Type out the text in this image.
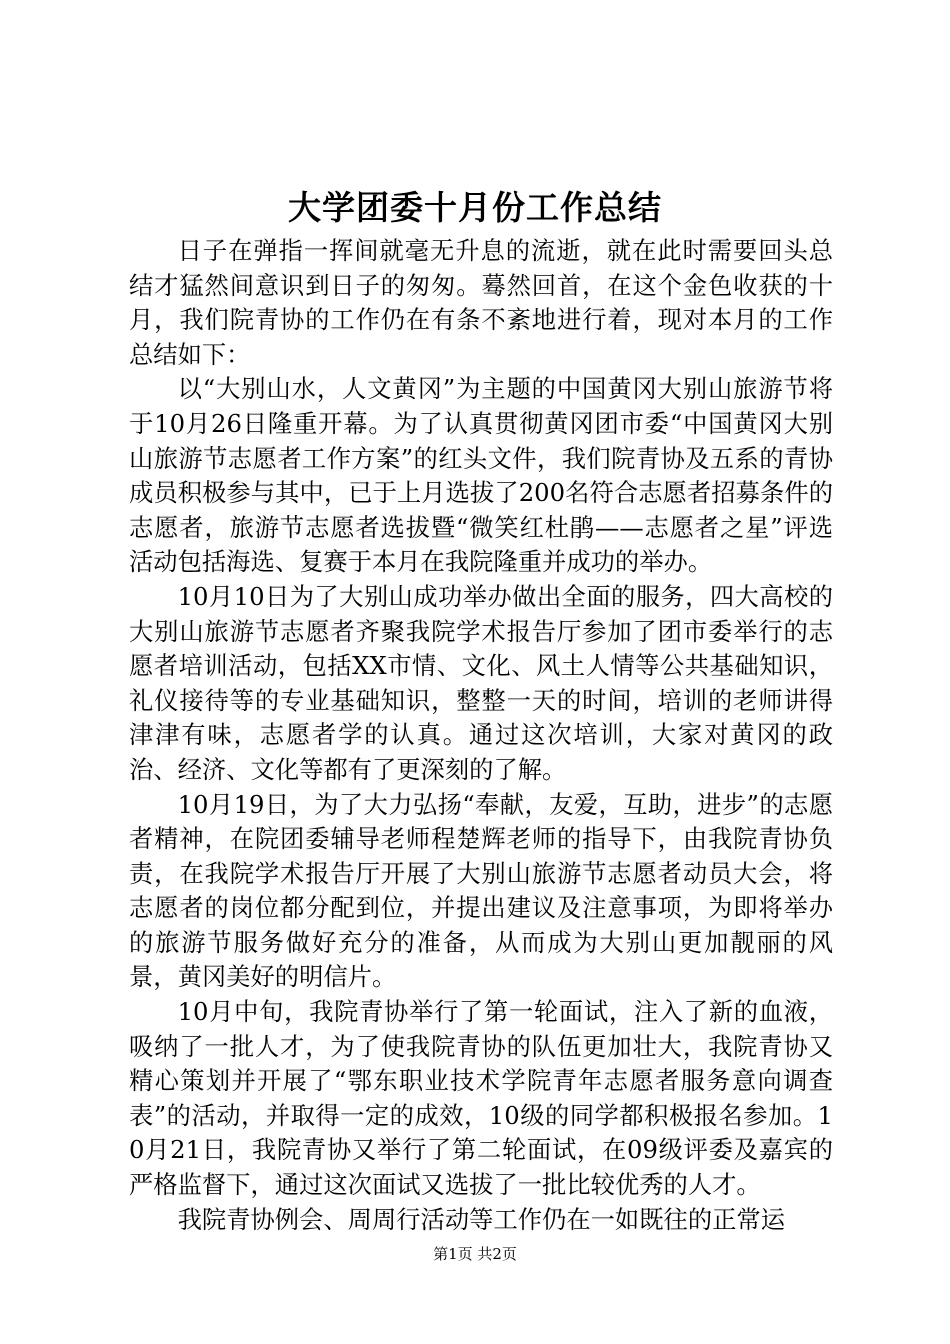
大学团委十月份工作总结

日子在弹指一挥间就毫无升息的流逝，就在此时需要回头总结才猛然间意识到日子的匆匆。蓦然回首，在这个金色收获的十月，我们院青协的工作仍在有条不紊地进行着，现对本月的工作总结如下：

以“大别山水，人文黄冈”为主题的中国黄冈大别山旅游节将于10月26日隆重开幕。为了认真贯彻黄冈团市委“中国黄冈大别山旅游节志愿者工作方案”的红头文件，我们院青协及五系的青协成员积极参与其中，已于上月选拔了200名符合志愿者招募条件的志愿者，旅游节志愿者选拔暨“微笑红杜鹃——志愿者之星”评选活动包括海选、复赛于本月在我院隆重并成功的举办。

10月10日为了大别山成功举办做出全面的服务，四大高校的大别山旅游节志愿者齐聚我院学术报告厅参加了团市委举行的志愿者培训活动，包括XX市情、文化、风土人情等公共基础知识，礼仪接待等的专业基础知识，整整一天的时间，培训的老师讲得津津有味，志愿者学的认真。通过这次培训，大家对黄冈的政治、经济、文化等都有了更深刻的了解。

10月19日，为了大力弘扬“奉献，友爱，互助，进步”的志愿者精神，在院团委辅导老师程楚辉老师的指导下，由我院青协负责，在我院学术报告厅开展了大别山旅游节志愿者动员大会，将志愿者的岗位都分配到位，并提出建议及注意事项，为即将举办的旅游节服务做好充分的准备，从而成为大别山更加靓丽的风景，黄冈美好的明信片。

10月中旬，我院青协举行了第一轮面试，注入了新的血液，吸纳了一批人才，为了使我院青协的队伍更加壮大，我院青协又精心策划并开展了“鄂东职业技术学院青年志愿者服务意向调查表”的活动，并取得一定的成效，10级的同学都积极报名参加。10月21日，我院青协又举行了第二轮面试，在09级评委及嘉宾的严格监督下，通过这次面试又选拔了一批比较优秀的人才。

我院青协例会、周周行活动等工作仍在一如既往的正常运

第1页 共2页
